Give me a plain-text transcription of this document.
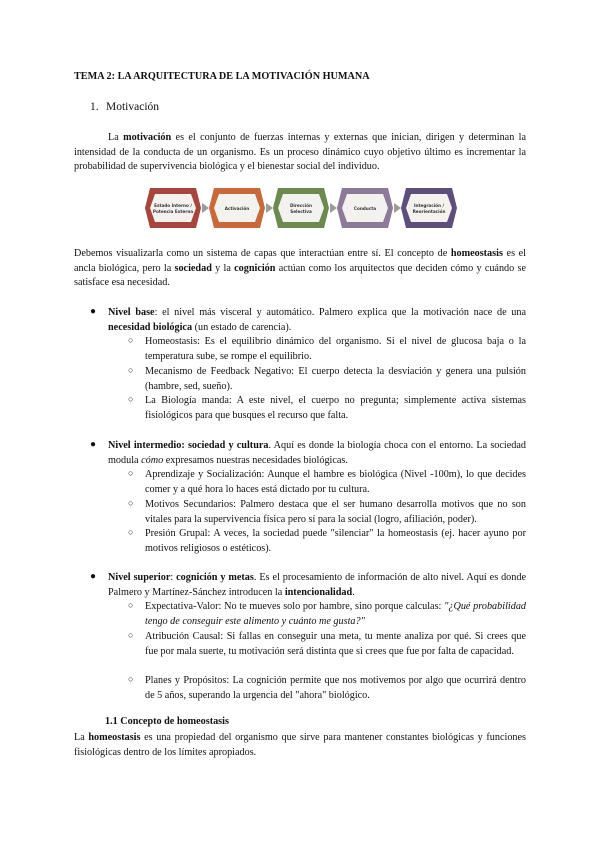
TEMA 2: LA ARQUITECTURA DE LA MOTIVACIÓN HUMANA
1. Motivación
La motivación es el conjunto de fuerzas internas y externas que inician, dirigen y determinan la intensidad de la conducta de un organismo. Es un proceso dinámico cuyo objetivo último es incrementar la probabilidad de supervivencia biológica y el bienestar social del individuo.
Estado Interno /
Potencia Externa
Activación
Dirección
Selectiva
Conducta
Integración /
Reorientación
Debemos visualizarla como un sistema de capas que interactúan entre sí. El concepto de homeostasis es el ancla biológica, pero la sociedad y la cognición actúan como los arquitectos que deciden cómo y cuándo se satisface esa necesidad.
● Nivel base: el nivel más visceral y automático. Palmero explica que la motivación nace de una necesidad biológica (un estado de carencia).
○ Homeostasis: Es el equilibrio dinámico del organismo. Si el nivel de glucosa baja o la temperatura sube, se rompe el equilibrio.
○ Mecanismo de Feedback Negativo: El cuerpo detecta la desviación y genera una pulsión (hambre, sed, sueño).
○ La Biología manda: A este nivel, el cuerpo no pregunta; simplemente activa sistemas fisiológicos para que busques el recurso que falta.
● Nivel intermedio: sociedad y cultura. Aquí es donde la biología choca con el entorno. La sociedad modula cómo expresamos nuestras necesidades biológicas.
○ Aprendizaje y Socialización: Aunque el hambre es biológica (Nivel -100m), lo que decides comer y a qué hora lo haces está dictado por tu cultura.
○ Motivos Secundarios: Palmero destaca que el ser humano desarrolla motivos que no son vitales para la supervivencia física pero sí para la social (logro, afiliación, poder).
○ Presión Grupal: A veces, la sociedad puede "silenciar" la homeostasis (ej. hacer ayuno por motivos religiosos o estéticos).
● Nivel superior: cognición y metas. Es el procesamiento de información de alto nivel. Aquí es donde Palmero y Martínez-Sánchez introducen la intencionalidad.
○ Expectativa-Valor: No te mueves solo por hambre, sino porque calculas: "¿Qué probabilidad tengo de conseguir este alimento y cuánto me gusta?"
○ Atribución Causal: Si fallas en conseguir una meta, tu mente analiza por qué. Si crees que fue por mala suerte, tu motivación será distinta que si crees que fue por falta de capacidad.
○ Planes y Propósitos: La cognición permite que nos motivemos por algo que ocurrirá dentro de 5 años, superando la urgencia del "ahora" biológico.
1.1 Concepto de homeostasis
La homeostasis es una propiedad del organismo que sirve para mantener constantes biológicas y funciones fisiológicas dentro de los límites apropiados.
